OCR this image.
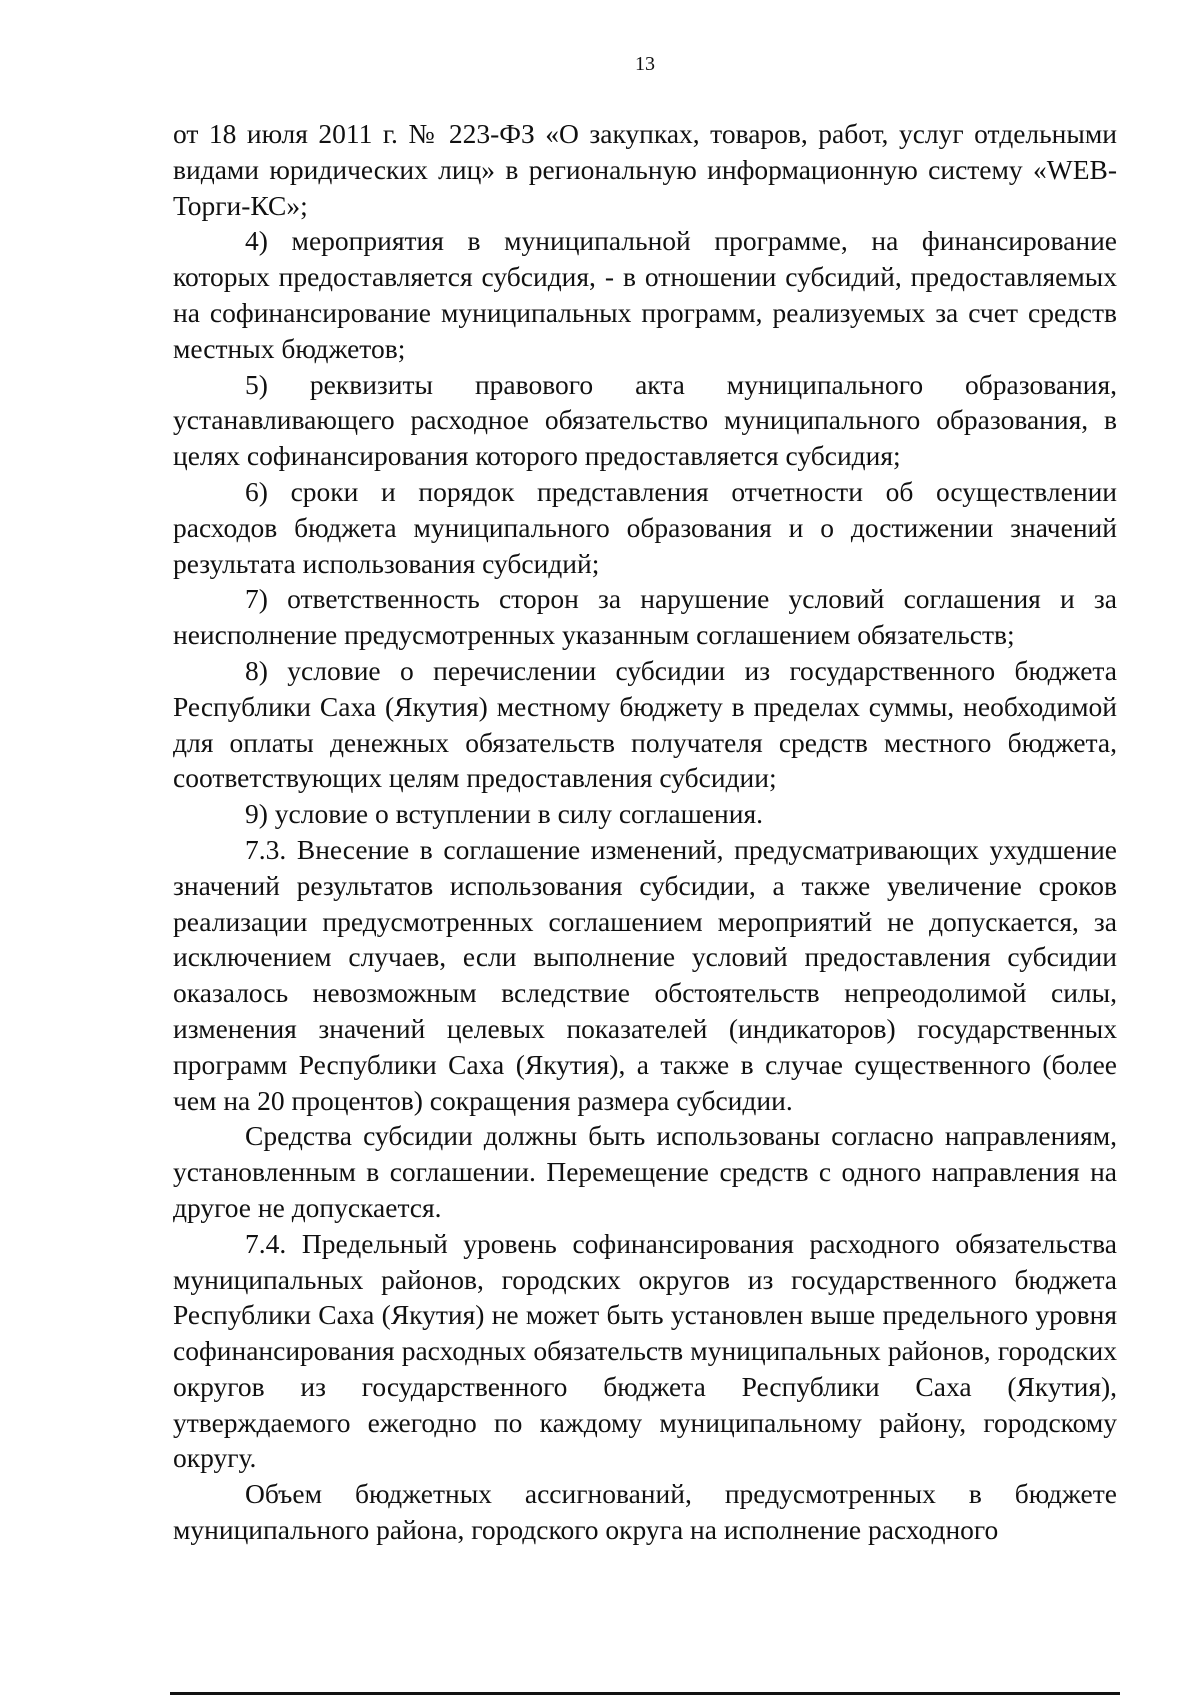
13

от 18 июля 2011 г. № 223-ФЗ «О закупках, товаров, работ, услуг отдельными видами юридических лиц» в региональную информационную систему «WEB-Торги-КС»;

4) мероприятия в муниципальной программе, на финансирование которых предоставляется субсидия, - в отношении субсидий, предоставляемых на софинансирование муниципальных программ, реализуемых за счет средств местных бюджетов;

5) реквизиты правового акта муниципального образования, устанавливающего расходное обязательство муниципального образования, в целях софинансирования которого предоставляется субсидия;

6) сроки и порядок представления отчетности об осуществлении расходов бюджета муниципального образования и о достижении значений результата использования субсидий;

7) ответственность сторон за нарушение условий соглашения и за неисполнение предусмотренных указанным соглашением обязательств;

8) условие о перечислении субсидии из государственного бюджета Республики Саха (Якутия) местному бюджету в пределах суммы, необходимой для оплаты денежных обязательств получателя средств местного бюджета, соответствующих целям предоставления субсидии;

9) условие о вступлении в силу соглашения.

7.3. Внесение в соглашение изменений, предусматривающих ухудшение значений результатов использования субсидии, а также увеличение сроков реализации предусмотренных соглашением мероприятий не допускается, за исключением случаев, если выполнение условий предоставления субсидии оказалось невозможным вследствие обстоятельств непреодолимой силы, изменения значений целевых показателей (индикаторов) государственных программ Республики Саха (Якутия), а также в случае существенного (более чем на 20 процентов) сокращения размера субсидии.

Средства субсидии должны быть использованы согласно направлениям, установленным в соглашении. Перемещение средств с одного направления на другое не допускается.

7.4. Предельный уровень софинансирования расходного обязательства муниципальных районов, городских округов из государственного бюджета Республики Саха (Якутия) не может быть установлен выше предельного уровня софинансирования расходных обязательств муниципальных районов, городских округов из государственного бюджета Республики Саха (Якутия), утверждаемого ежегодно по каждому муниципальному району, городскому округу.

Объем бюджетных ассигнований, предусмотренных в бюджете муниципального района, городского округа на исполнение расходного
